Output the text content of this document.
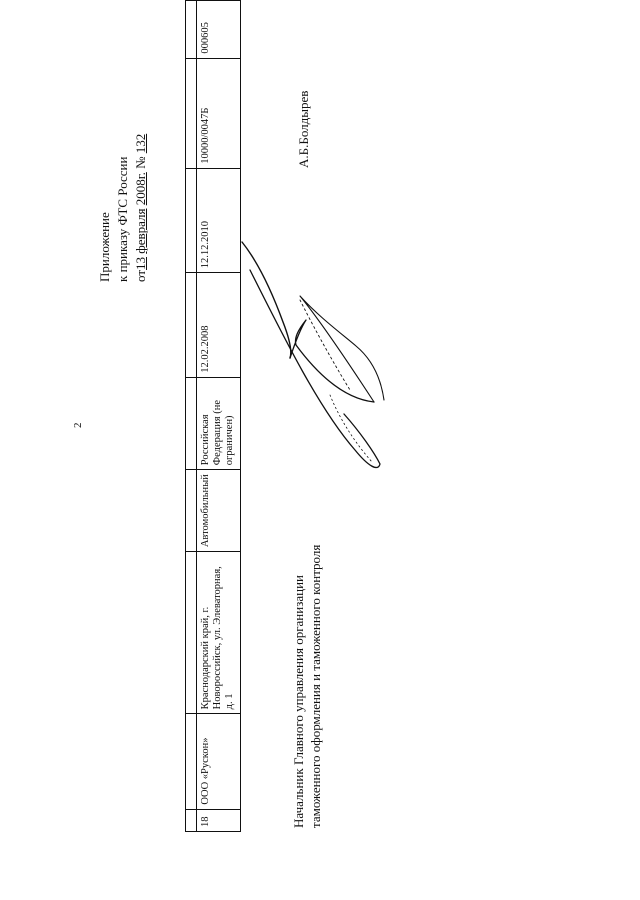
2
Приложение к приказу ФТС России от13 февраля 2008г. № 132

18	ООО «Рускон»	Краснодарский край, г. Новороссийск, ул. Элеваторная, д. 1	Автомобильный	Российская Федерация (не ограничен)	12.02.2008	12.12.2010	10000/0047Б	000605
Начальник Главного управления организации таможенного оформления и таможенного контроля
А.Б.Болдырев
